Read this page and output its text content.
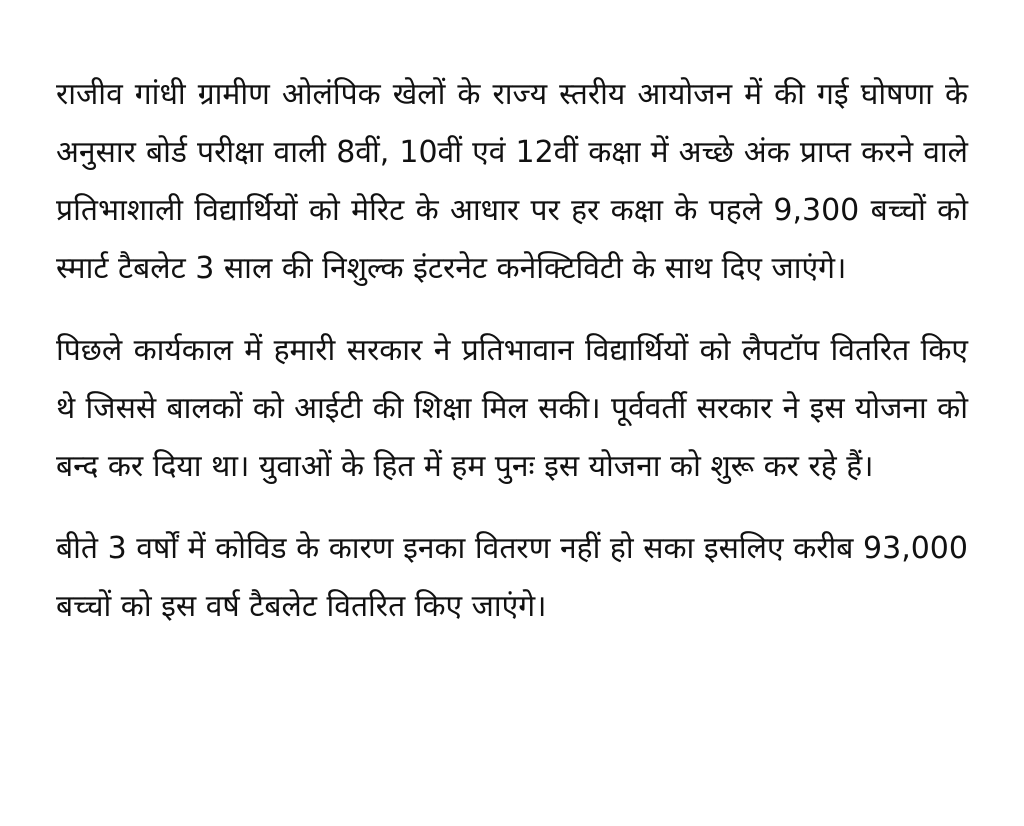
राजीव गांधी ग्रामीण ओलंपिक खेलों के राज्य स्तरीय आयोजन में की गई घोषणा के अनुसार बोर्ड परीक्षा वाली 8वीं, 10वीं एवं 12वीं कक्षा में अच्छे अंक प्राप्त करने वाले प्रतिभाशाली विद्यार्थियों को मेरिट के आधार पर हर कक्षा के पहले 9,300 बच्चों को स्मार्ट टैबलेट 3 साल की निशुल्क इंटरनेट कनेक्टिविटी के साथ दिए जाएंगे।

पिछले कार्यकाल में हमारी सरकार ने प्रतिभावान विद्यार्थियों को लैपटॉप वितरित किए थे जिससे बालकों को आईटी की शिक्षा मिल सकी। पूर्ववर्ती सरकार ने इस योजना को बन्द कर दिया था। युवाओं के हित में हम पुनः इस योजना को शुरू कर रहे हैं।

बीते 3 वर्षों में कोविड के कारण इनका वितरण नहीं हो सका इसलिए करीब 93,000 बच्चों को इस वर्ष टैबलेट वितरित किए जाएंगे।
